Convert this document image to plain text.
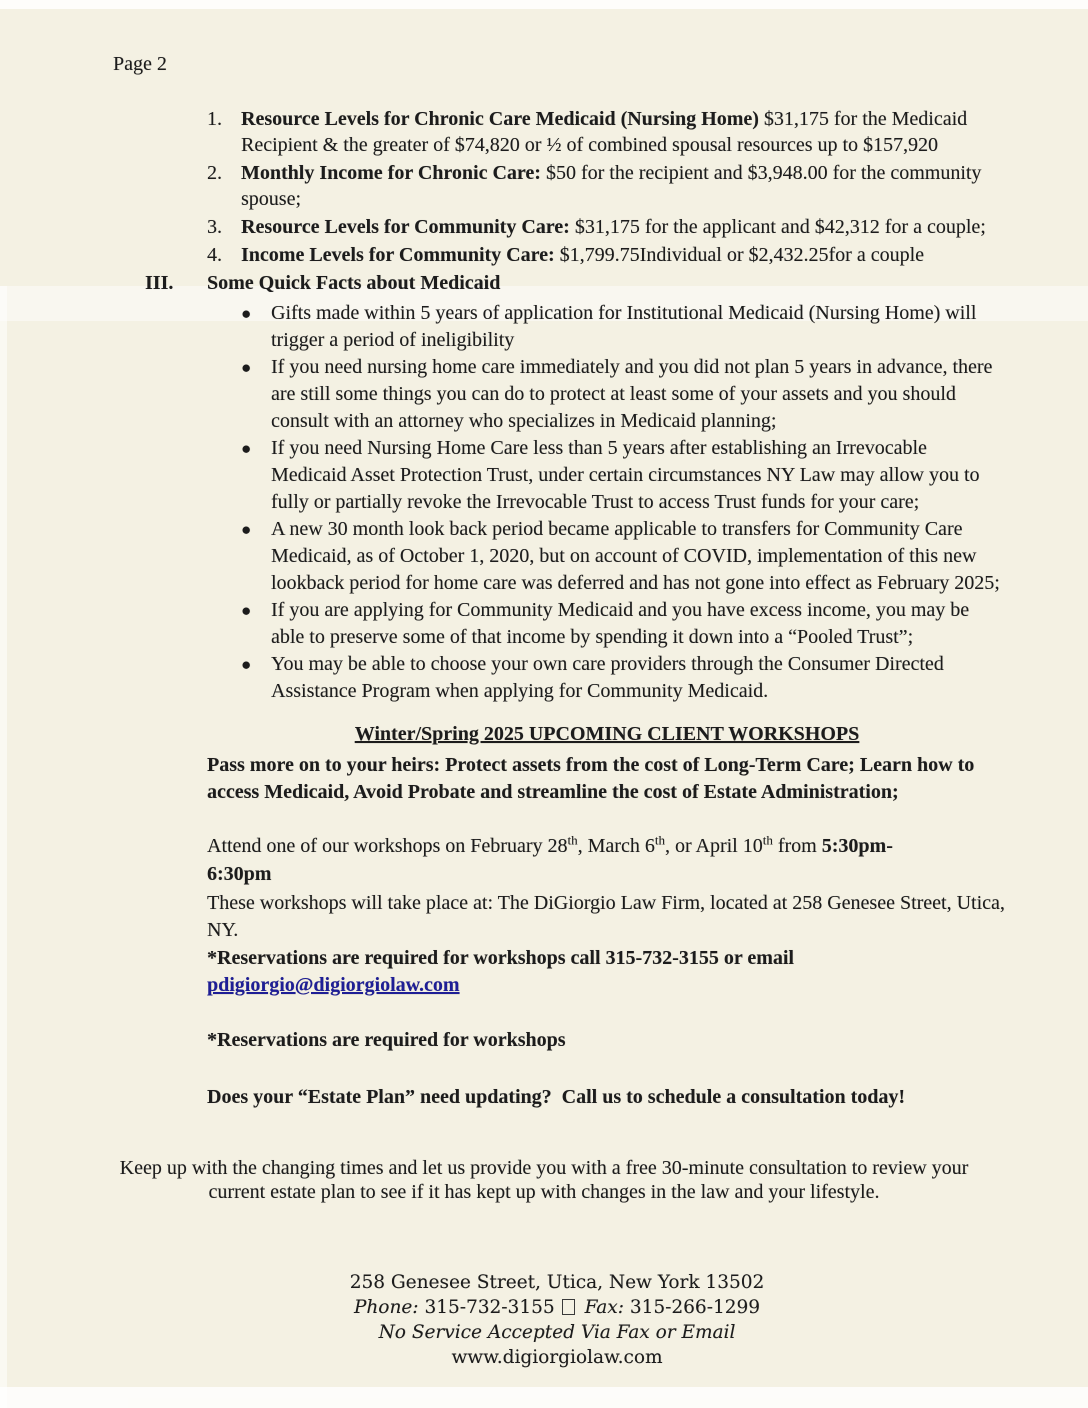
Page 2
1. Resource Levels for Chronic Care Medicaid (Nursing Home) $31,175 for the Medicaid Recipient & the greater of $74,820 or ½ of combined spousal resources up to $157,920
2. Monthly Income for Chronic Care: $50 for the recipient and $3,948.00 for the community spouse;
3. Resource Levels for Community Care: $31,175 for the applicant and $42,312 for a couple;
4. Income Levels for Community Care: $1,799.75Individual or $2,432.25for a couple
III. Some Quick Facts about Medicaid
● Gifts made within 5 years of application for Institutional Medicaid (Nursing Home) will trigger a period of ineligibility
● If you need nursing home care immediately and you did not plan 5 years in advance, there are still some things you can do to protect at least some of your assets and you should consult with an attorney who specializes in Medicaid planning;
● If you need Nursing Home Care less than 5 years after establishing an Irrevocable Medicaid Asset Protection Trust, under certain circumstances NY Law may allow you to fully or partially revoke the Irrevocable Trust to access Trust funds for your care;
● A new 30 month look back period became applicable to transfers for Community Care Medicaid, as of October 1, 2020, but on account of COVID, implementation of this new lookback period for home care was deferred and has not gone into effect as February 2025;
● If you are applying for Community Medicaid and you have excess income, you may be able to preserve some of that income by spending it down into a “Pooled Trust”;
● You may be able to choose your own care providers through the Consumer Directed Assistance Program when applying for Community Medicaid.
Winter/Spring 2025 UPCOMING CLIENT WORKSHOPS

Pass more on to your heirs: Protect assets from the cost of Long-Term Care; Learn how to access Medicaid, Avoid Probate and streamline the cost of Estate Administration;

Attend one of our workshops on February 28th, March 6th, or April 10th from 5:30pm-
6:30pm

These workshops will take place at: The DiGiorgio Law Firm, located at 258 Genesee Street, Utica, NY.

*Reservations are required for workshops call 315-732-3155 or email

pdigiorgio@digiorgiolaw.com

*Reservations are required for workshops

Does your “Estate Plan” need updating?  Call us to schedule a consultation today!

Keep up with the changing times and let us provide you with a free 30-minute consultation to review your current estate plan to see if it has kept up with changes in the law and your lifestyle.

258 Genesee Street, Utica, New York 13502
Phone: 315-732-3155 Fax: 315-266-1299
No Service Accepted Via Fax or Email
www.digiorgiolaw.com
